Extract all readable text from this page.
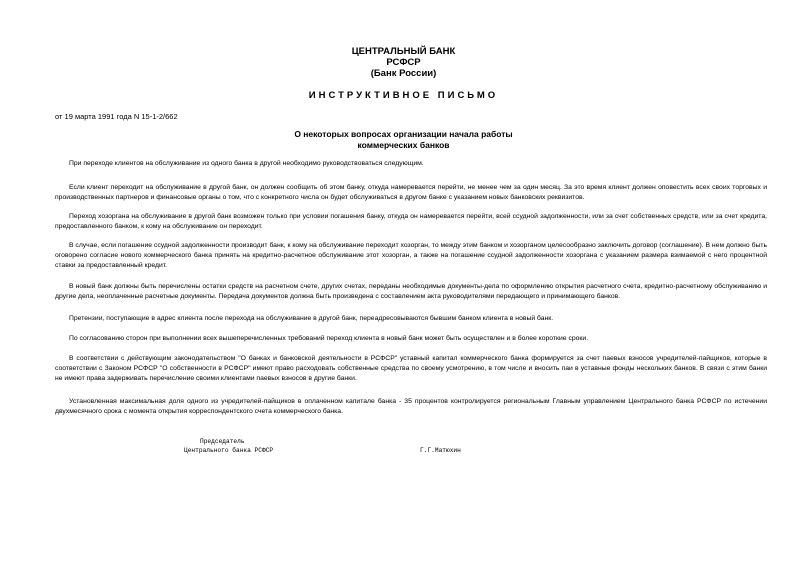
ЦЕНТРАЛЬНЫЙ БАНК
РСФСР
(Банк России)
ИНСТРУКТИВНОЕ ПИСЬМО
от 19 марта 1991 года N 15-1-2/662
О некоторых вопросах организации начала работы
коммерческих банков
При переходе клиентов на обслуживание из одного банка в другой необходимо руководствоваться следующим.
Если клиент переходит на обслуживание в другой банк, он должен сообщить об этом банку, откуда намеревается перейти, не менее чем за один месяц. За это время клиент должен оповестить всех своих торговых и производственных партнеров и финансовые органы о том, что с конкретного числа он будет обслуживаться в другом банке с указанием новых банковских реквизитов.
Переход хозоргана на обслуживание в другой банк возможен только при условии погашения банку, откуда он намеревается перейти, всей ссудной задолженности, или за счет собственных средств, или за счет кредита, предоставленного банком, к кому на обслуживание он переходит.
В случае, если погашение ссудной задолженности производит банк, к кому на обслуживание переходит хозорган, то между этим банком и хозорганом целесообразно заключить договор (соглашение). В нем должно быть оговорено согласие нового коммерческого банка принять на кредитно-расчетное обслуживание этот хозорган, а также на погашение ссудной задолженности хозоргана с указанием размера взимаемой с него процентной ставки за предоставленный кредит.
В новый банк должны быть перечислены остатки средств на расчетном счете, других счетах, переданы необходимые документы-дела по оформлению открытия расчетного счета, кредитно-расчетному обслуживанию и другие дела, неоплаченные расчетные документы. Передача документов должна быть произведена с составлением акта руководителями передающего и принимающего банков.
Претензии, поступающие в адрес клиента после перехода на обслуживание в другой банк, переадресовываются бывшим банком клиента в новый банк.
По согласованию сторон при выполнении всех вышеперечисленных требований переход клиента в новый банк может быть осуществлен и в более короткие сроки.
В соответствии с действующим законодательством "О банках и банковской деятельности в РСФСР" уставный капитал коммерческого банка формируется за счет паевых взносов учредителей-пайщиков, которые в соответствии с Законом РСФСР "О собственности в РСФСР" имеют право расходовать собственные средства по своему усмотрению, в том числе и вносить паи в уставные фонды нескольких банков. В связи с этим банки не имеют права задерживать перечисление своими клиентами паевых взносов в другие банки.
Установленная максимальная доля одного из учредителей-пайщиков в оплаченном капитале банка - 35 процентов контролируется региональным Главным управлением Центрального банка РСФСР по истечении двухмесячного срока с момента открытия корреспондентского счета коммерческого банка.
Председатель
Центрального банка РСФСР	Г.Г.Матюхин
